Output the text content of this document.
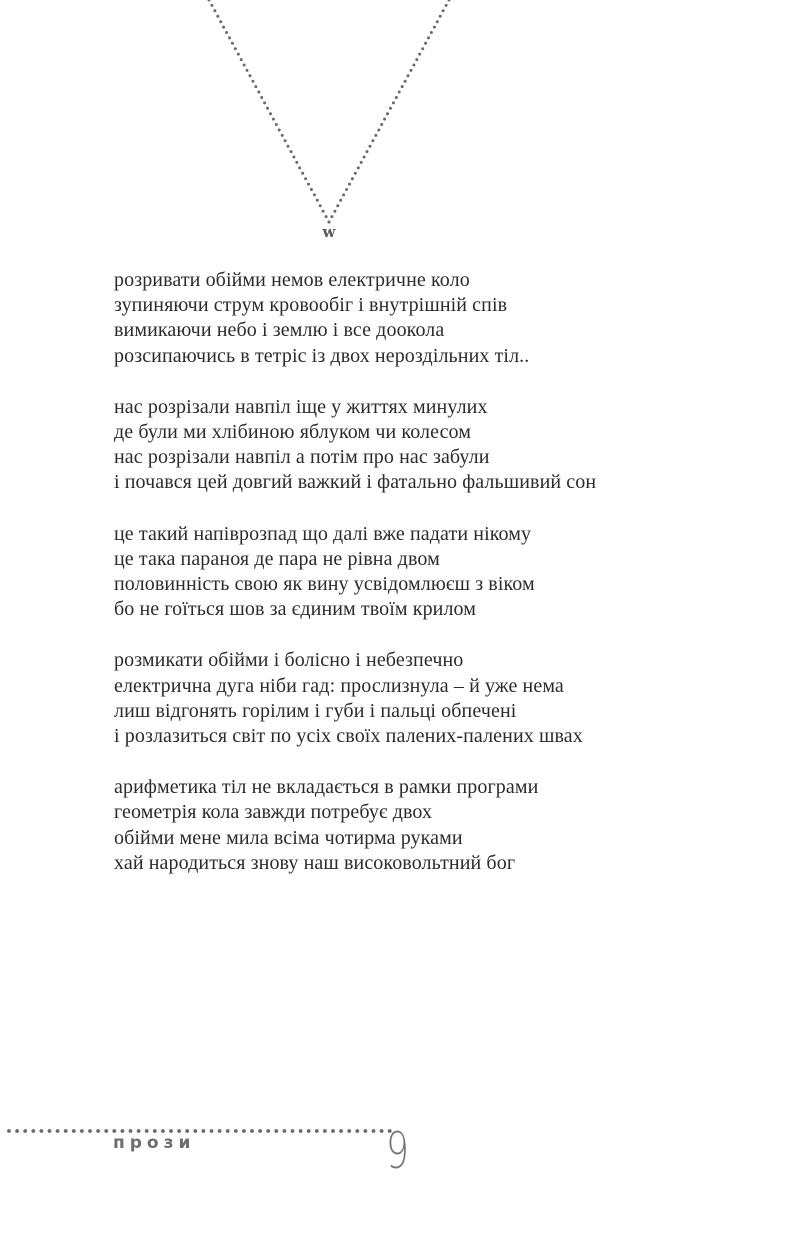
w
розривати обійми немов електричне коло
зупиняючи струм кровообіг і внутрішній спів
вимикаючи небо і землю і все доокола
розсипаючись в тетріс із двох нероздільних тіл..
нас розрізали навпіл іще у життях минулих
де були ми хлібиною яблуком чи колесом
нас розрізали навпіл а потім про нас забули
і почався цей довгий важкий і фатально фальшивий сон
це такий напіврозпад що далі вже падати нікому
це така параноя де пара не рівна двом
половинність свою як вину усвідомлюєш з віком
бо не гоїться шов за єдиним твоїм крилом
розмикати обійми і болісно і небезпечно
електрична дуга ніби гад: прослизнула – й уже нема
лиш відгонять горілим і губи і пальці обпечені
і розлазиться світ по усіх своїх палених-палених швах
арифметика тіл не вкладається в рамки програми
геометрія кола завжди потребує двох
обійми мене мила всіма чотирма руками
хай народиться знову наш високовольтний бог
прози	9
